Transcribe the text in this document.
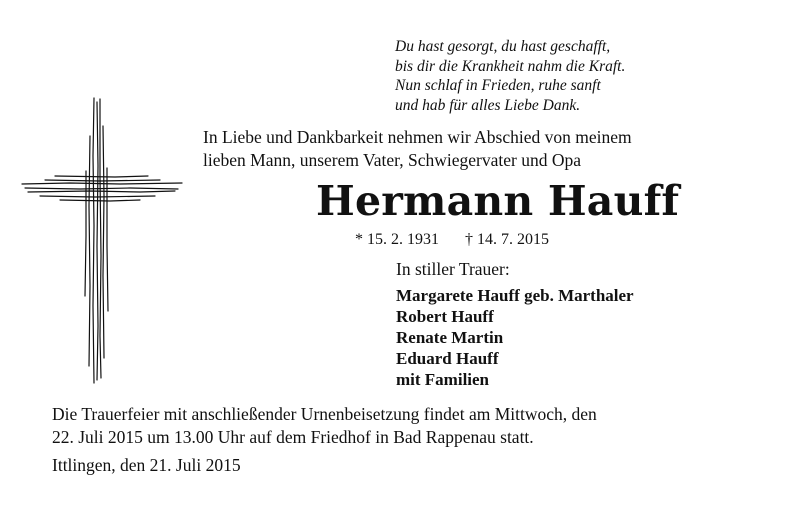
Du hast gesorgt, du hast geschafft,
bis dir die Krankheit nahm die Kraft.
Nun schlaf in Frieden, ruhe sanft
und hab für alles Liebe Dank.
In Liebe und Dankbarkeit nehmen wir Abschied von meinem
lieben Mann, unserem Vater, Schwiegervater und Opa
Hermann Hauff
* 15. 2. 1931 † 14. 7. 2015
In stiller Trauer:
Margarete Hauff geb. Marthaler
Robert Hauff
Renate Martin
Eduard Hauff
mit Familien
Die Trauerfeier mit anschließender Urnenbeisetzung findet am Mittwoch, den
22. Juli 2015 um 13.00 Uhr auf dem Friedhof in Bad Rappenau statt.
Ittlingen, den 21. Juli 2015
